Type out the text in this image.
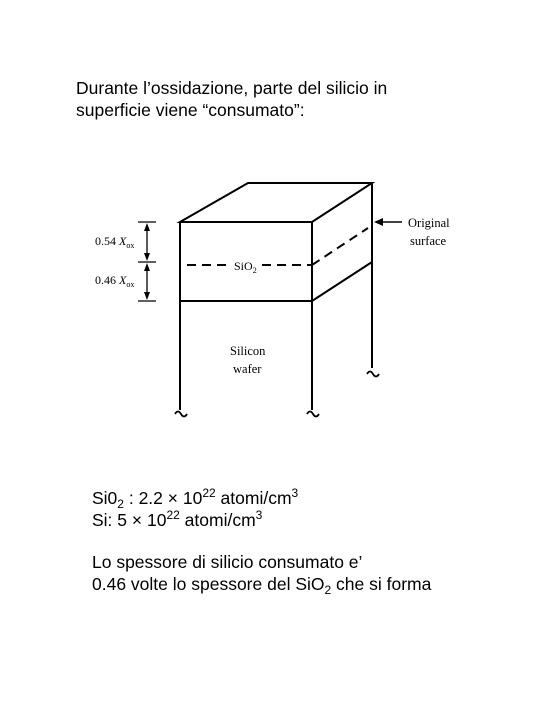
Durante l’ossidazione, parte del silicio in
superficie viene “consumato”:
0.54 $X_{ox}$
0.46 $X_{ox}$
SiO$_2$
Original
surface
Silicon
wafer
$Si0_2$ : $2.2 \times 10^{22}$ atomi/$cm^3$
Si: $5 \times 10^{22}$ atomi/$cm^3$
Lo spessore di silicio consumato e’
0.46 volte lo spessore del SiO$_2$ che si forma
